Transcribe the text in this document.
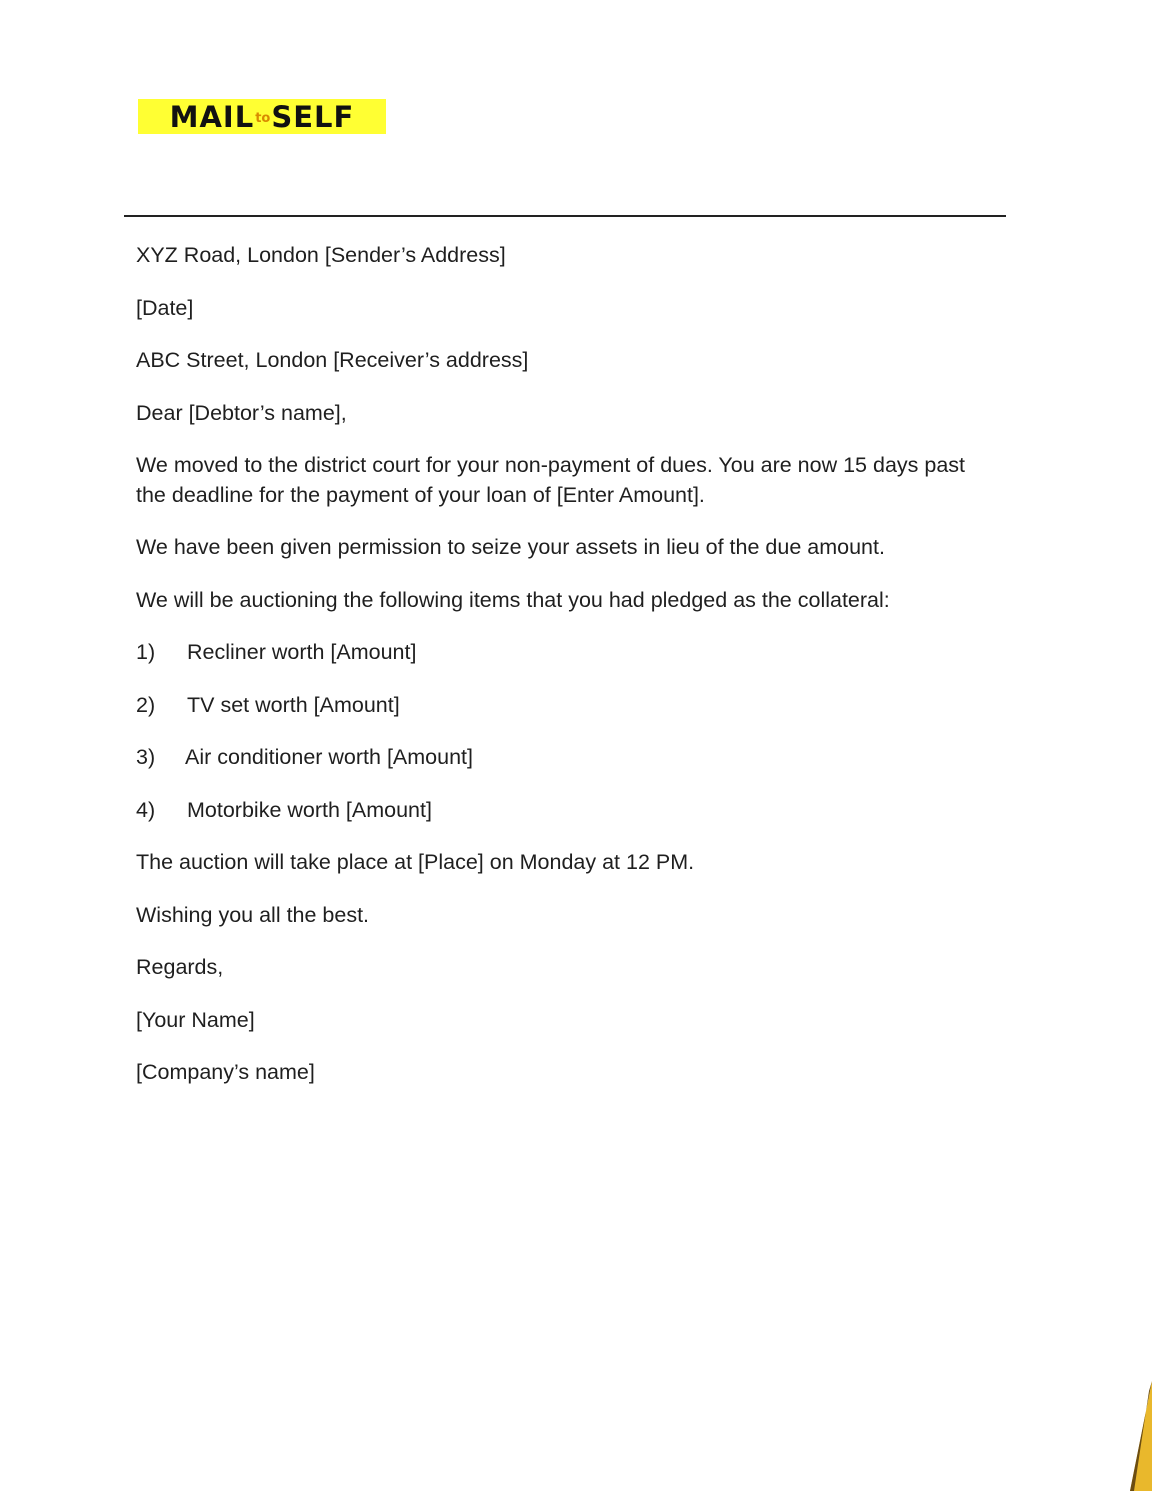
MAIL to SELF
XYZ Road, London [Sender’s Address]
[Date]
ABC Street, London [Receiver’s address]
Dear [Debtor’s name],
We moved to the district court for your non-payment of dues. You are now 15 days past
the deadline for the payment of your loan of [Enter Amount].
We have been given permission to seize your assets in lieu of the due amount.
We will be auctioning the following items that you had pledged as the collateral:
1) Recliner worth [Amount]
2) TV set worth [Amount]
3) Air conditioner worth [Amount]
4) Motorbike worth [Amount]
The auction will take place at [Place] on Monday at 12 PM.
Wishing you all the best.
Regards,
[Your Name]
[Company’s name]
